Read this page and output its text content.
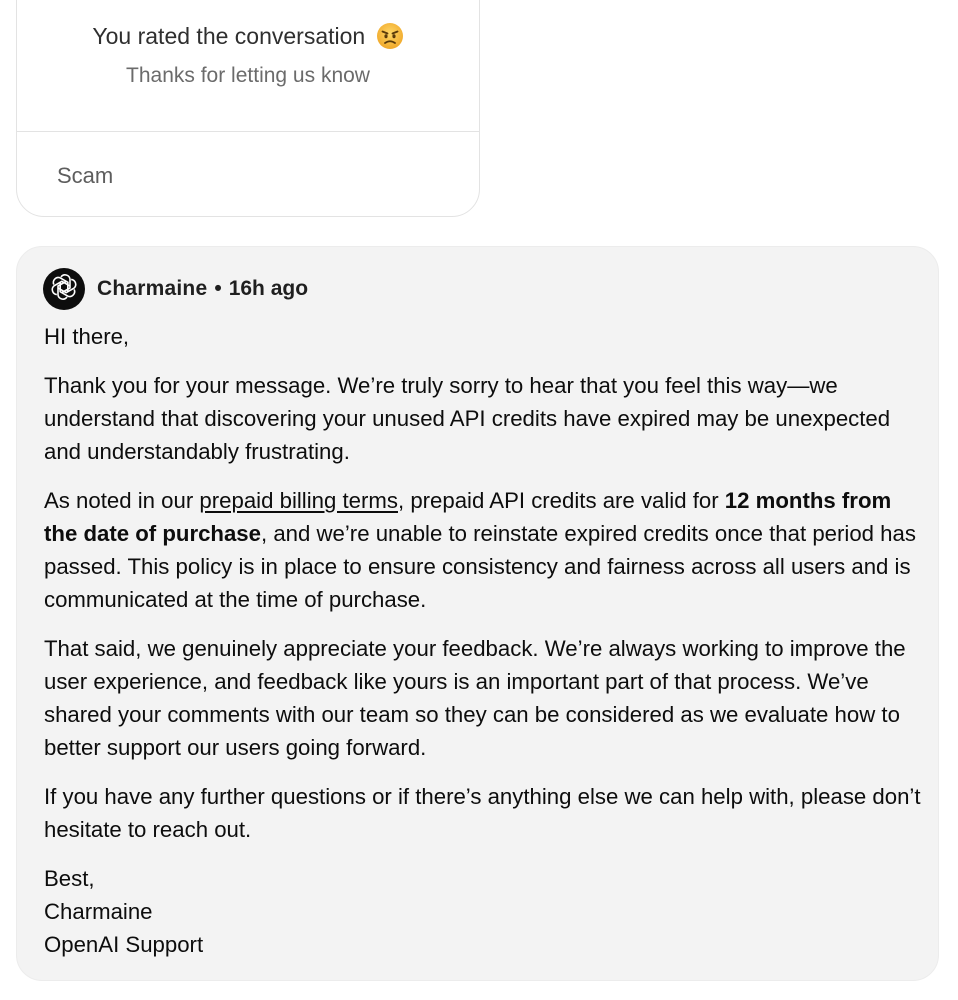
You rated the conversation
Thanks for letting us know
Scam
Charmaine • 16h ago

HI there,

Thank you for your message. We’re truly sorry to hear that you feel this way—we understand that discovering your unused API credits have expired may be unexpected and understandably frustrating.

As noted in our prepaid billing terms, prepaid API credits are valid for 12 months from the date of purchase, and we’re unable to reinstate expired credits once that period has passed. This policy is in place to ensure consistency and fairness across all users and is communicated at the time of purchase.

That said, we genuinely appreciate your feedback. We’re always working to improve the user experience, and feedback like yours is an important part of that process. We’ve shared your comments with our team so they can be considered as we evaluate how to better support our users going forward.

If you have any further questions or if there’s anything else we can help with, please don’t hesitate to reach out.

Best,
Charmaine
OpenAI Support
